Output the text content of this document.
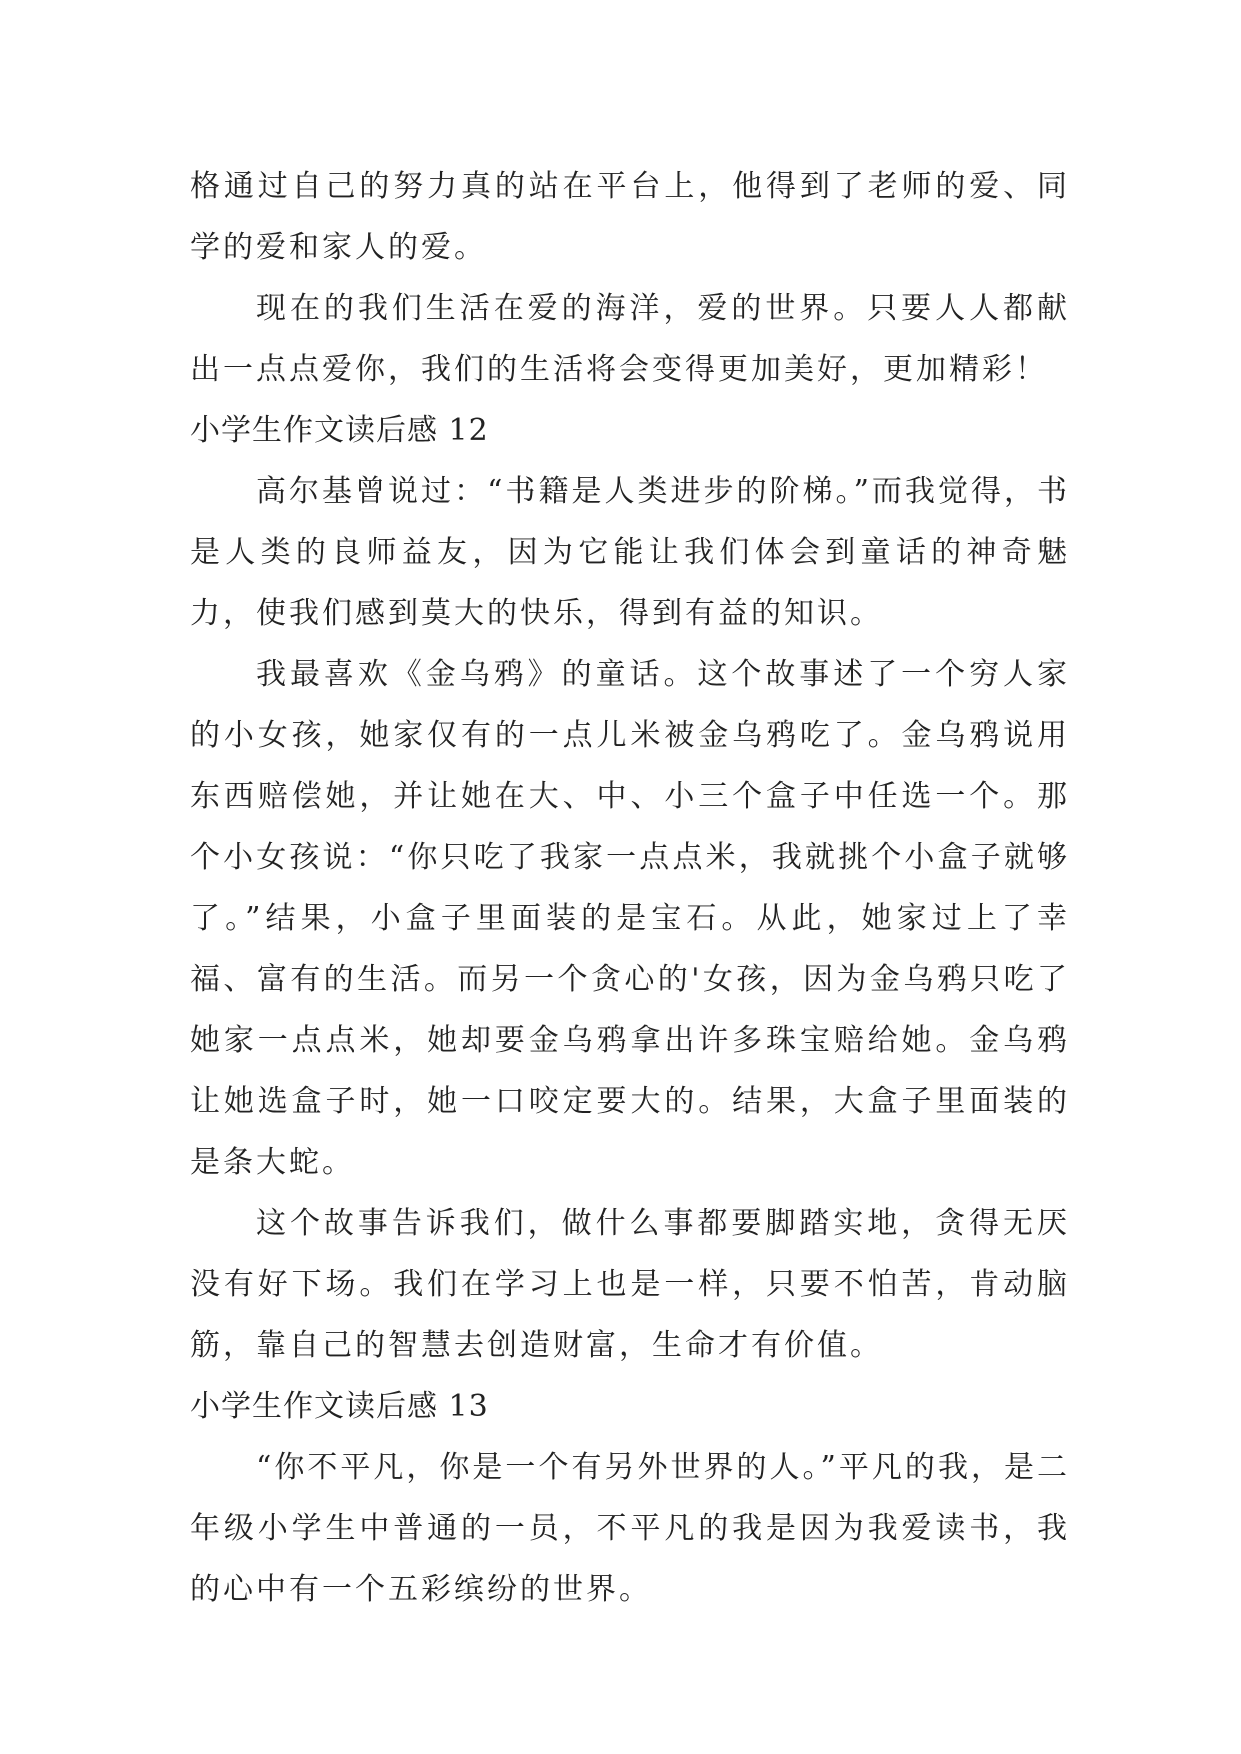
格通过自己的努力真的站在平台上，他得到了老师的爱、同学的爱和家人的爱。

现在的我们生活在爱的海洋，爱的世界。只要人人都献出一点点爱你，我们的生活将会变得更加美好，更加精彩！

小学生作文读后感 12

高尔基曾说过：“书籍是人类进步的阶梯。”而我觉得，书是人类的良师益友，因为它能让我们体会到童话的神奇魅力，使我们感到莫大的快乐，得到有益的知识。

我最喜欢《金乌鸦》的童话。这个故事述了一个穷人家的小女孩，她家仅有的一点儿米被金乌鸦吃了。金乌鸦说用东西赔偿她，并让她在大、中、小三个盒子中任选一个。那个小女孩说：“你只吃了我家一点点米，我就挑个小盒子就够了。”结果，小盒子里面装的是宝石。从此，她家过上了幸福、富有的生活。而另一个贪心的'女孩，因为金乌鸦只吃了她家一点点米，她却要金乌鸦拿出许多珠宝赔给她。金乌鸦让她选盒子时，她一口咬定要大的。结果，大盒子里面装的是条大蛇。

这个故事告诉我们，做什么事都要脚踏实地，贪得无厌没有好下场。我们在学习上也是一样，只要不怕苦，肯动脑筋，靠自己的智慧去创造财富，生命才有价值。

小学生作文读后感 13

“你不平凡，你是一个有另外世界的人。”平凡的我，是二年级小学生中普通的一员，不平凡的我是因为我爱读书，我的心中有一个五彩缤纷的世界。
